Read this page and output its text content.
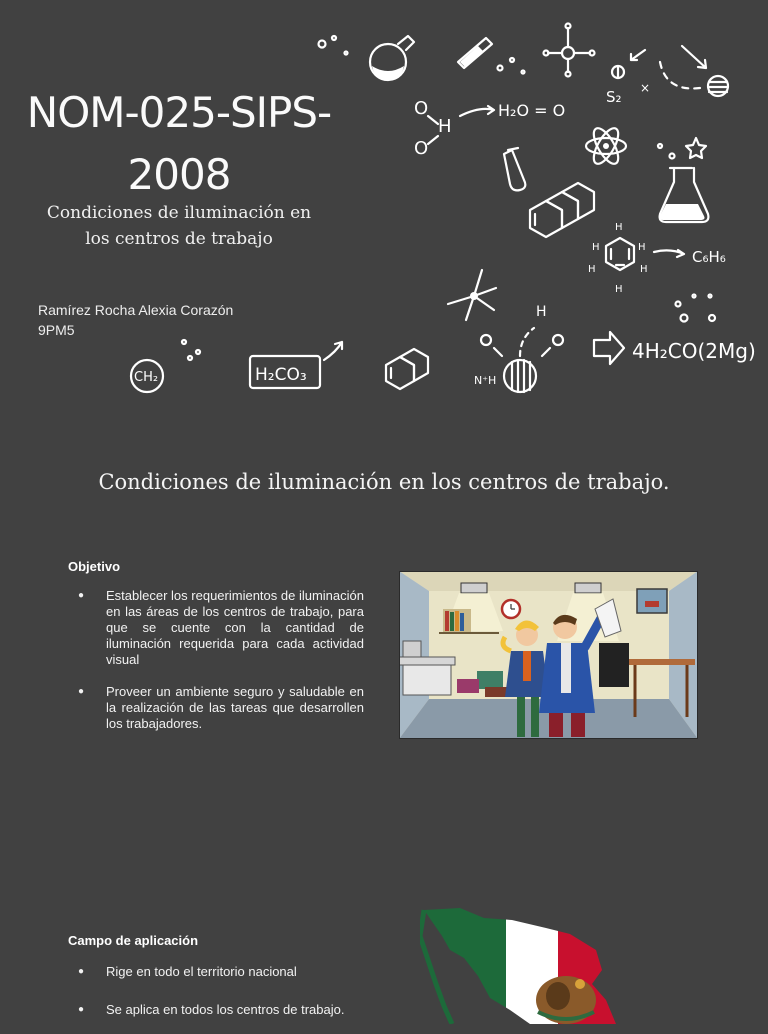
S₂ ×
O
H
O
H₂O = O
H
H	H
H	H
H
C₆H₆
CH₂	H₂CO₃	N⁺H
H
4H₂CO(2Mg)
NOM-025-SIPS-
2008
Condiciones de iluminación en
los centros de trabajo
Ramírez Rocha Alexia Corazón
9PM5
Condiciones de iluminación en los centros de trabajo.
Objetivo
● Establecer los requerimientos de iluminación en las áreas de los centros de trabajo, para que se cuente con la cantidad de iluminación requerida para cada actividad visual
● Proveer un ambiente seguro y saludable en la realización de las tareas que desarrollen los trabajadores.
Campo de aplicación
● Rige en todo el territorio nacional
● Se aplica en todos los centros de trabajo.
